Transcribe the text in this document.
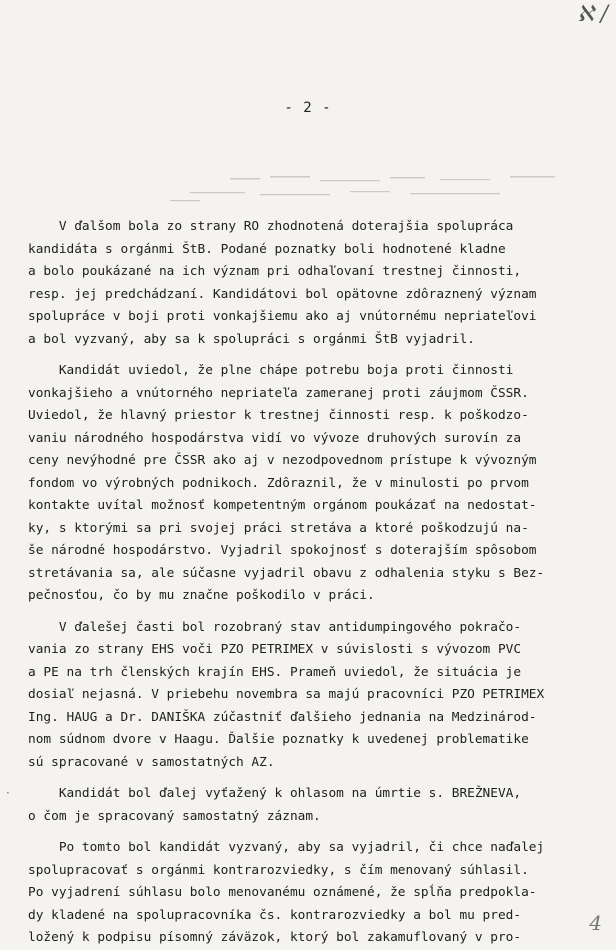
ℵ /
- 2 -
V ďalšom bola zo strany RO zhodnotená doterajšia spolupráca
kandidáta s orgánmi ŠtB. Podané poznatky boli hodnotené kladne
a bolo poukázané na ich význam pri odhaľovaní trestnej činnosti,
resp. jej predchádzaní. Kandidátovi bol opätovne zdôraznený význam
spolupráce v boji proti vonkajšiemu ako aj vnútornému nepriateľovi
a bol vyzvaný, aby sa k spolupráci s orgánmi ŠtB vyjadril.
Kandidát uviedol, že plne chápe potrebu boja proti činnosti
vonkajšieho a vnútorného nepriateľa zameranej proti záujmom ČSSR.
Uviedol, že hlavný priestor k trestnej činnosti resp. k poškodzo-
vaniu národného hospodárstva vidí vo vývoze druhových surovín za
ceny nevýhodné pre ČSSR ako aj v nezodpovednom prístupe k vývozným
fondom vo výrobných podnikoch. Zdôraznil, že v minulosti po prvom
kontakte uvítal možnosť kompetentným orgánom poukázať na nedostat-
ky, s ktorými sa pri svojej práci stretáva a ktoré poškodzujú na-
še národné hospodárstvo. Vyjadril spokojnosť s doterajším spôsobom
stretávania sa, ale súčasne vyjadril obavu z odhalenia styku s Bez-
pečnosťou, čo by mu značne poškodilo v práci.
V ďalešej časti bol rozobraný stav antidumpingového pokračo-
vania zo strany EHS voči PZO PETRIMEX v súvislosti s vývozom PVC
a PE na trh členských krajín EHS. Prameň uviedol, že situácia je
dosiaľ nejasná. V priebehu novembra sa majú pracovníci PZO PETRIMEX
Ing. HAUG a Dr. DANIŠKA zúčastniť ďalšieho jednania na Medzinárod-
nom súdnom dvore v Haagu. Ďalšie poznatky k uvedenej problematike
sú spracované v samostatných AZ.
Kandidát bol ďalej vyťažený k ohlasom na úmrtie s. BREŽNEVA,
o čom je spracovaný samostatný záznam.
Po tomto bol kandidát vyzvaný, aby sa vyjadril, či chce naďalej
spolupracovať s orgánmi kontrarozviedky, s čím menovaný súhlasil.
Po vyjadrení súhlasu bolo menovanému oznámené, že spĺňa predpokla-
dy kladené na spolupracovníka čs. kontrarozviedky a bol mu pred-
ložený k podpisu písomný záväzok, ktorý bol zakamuflovaný v pro-
4
·
